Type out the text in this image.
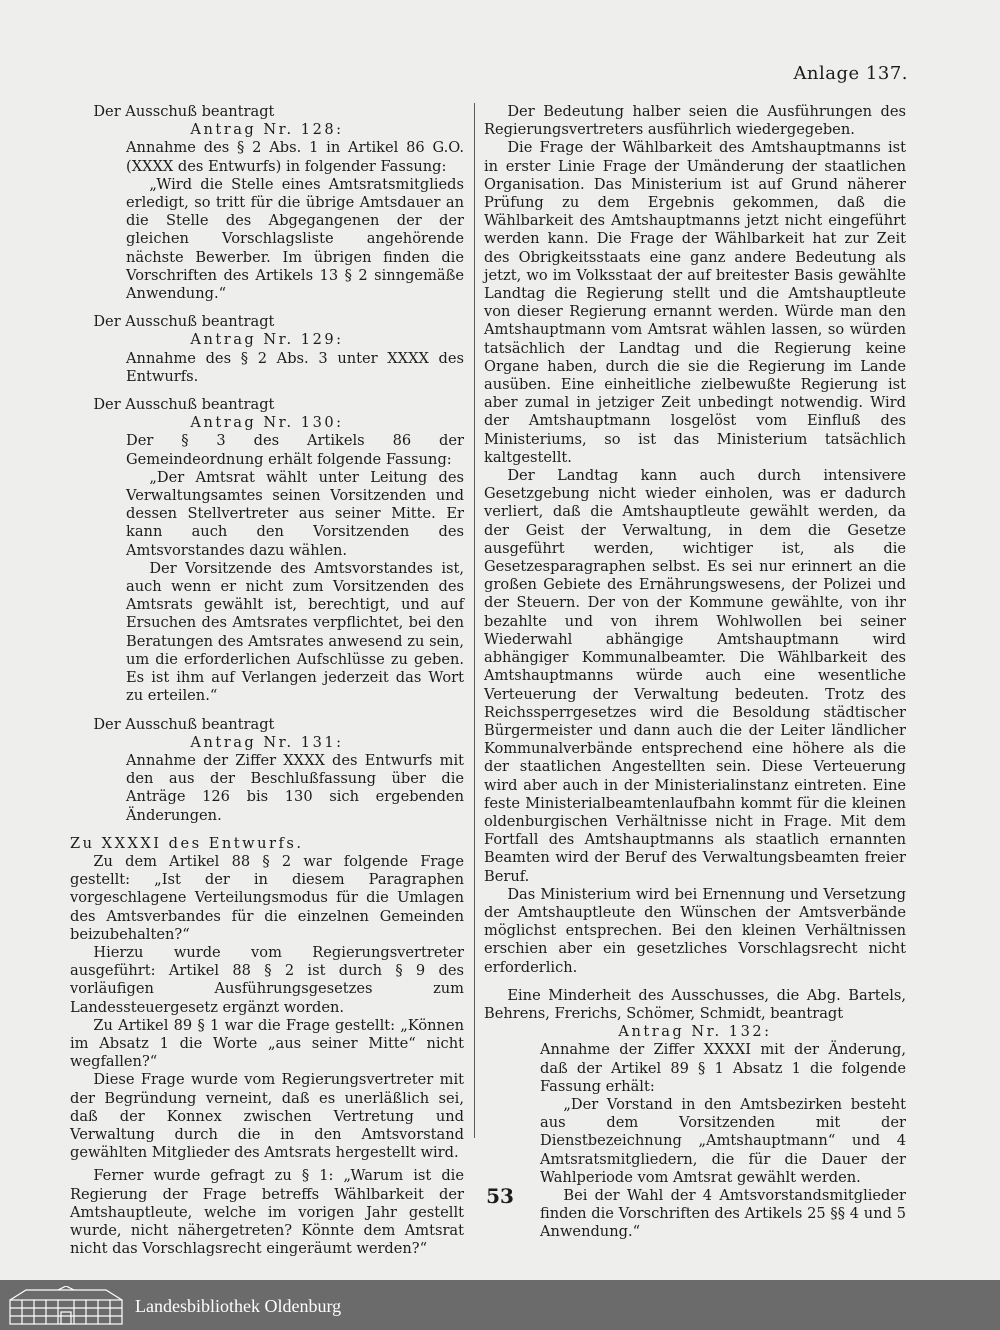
Anlage 137.

Der Ausschuß beantragt

Antrag Nr. 128:

Annahme des § 2 Abs. 1 in Artikel 86 G.O. (XXXX des Entwurfs) in folgender Fassung:

„Wird die Stelle eines Amtsratsmitglieds erledigt, so tritt für die übrige Amtsdauer an die Stelle des Abgegangenen der der gleichen Vorschlagsliste angehörende nächste Bewerber. Im übrigen finden die Vorschriften des Artikels 13 § 2 sinngemäße Anwendung.“

Der Ausschuß beantragt

Antrag Nr. 129:

Annahme des § 2 Abs. 3 unter XXXX des Entwurfs.

Der Ausschuß beantragt

Antrag Nr. 130:

Der § 3 des Artikels 86 der Gemeindeordnung erhält folgende Fassung:

„Der Amtsrat wählt unter Leitung des Verwaltungsamtes seinen Vorsitzenden und dessen Stellvertreter aus seiner Mitte. Er kann auch den Vorsitzenden des Amtsvorstandes dazu wählen.

Der Vorsitzende des Amtsvorstandes ist, auch wenn er nicht zum Vorsitzenden des Amtsrats gewählt ist, berechtigt, und auf Ersuchen des Amtsrates verpflichtet, bei den Beratungen des Amtsrates anwesend zu sein, um die erforderlichen Aufschlüsse zu geben. Es ist ihm auf Verlangen jederzeit das Wort zu erteilen.“

Der Ausschuß beantragt

Antrag Nr. 131:

Annahme der Ziffer XXXX des Entwurfs mit den aus der Beschlußfassung über die Anträge 126 bis 130 sich ergebenden Änderungen.

Zu XXXXI des Entwurfs.

Zu dem Artikel 88 § 2 war folgende Frage gestellt: „Ist der in diesem Paragraphen vorgeschlagene Verteilungsmodus für die Umlagen des Amtsverbandes für die einzelnen Gemeinden beizubehalten?“

Hierzu wurde vom Regierungsvertreter ausgeführt: Artikel 88 § 2 ist durch § 9 des vorläufigen Ausführungsgesetzes zum Landessteuergesetz ergänzt worden.

Zu Artikel 89 § 1 war die Frage gestellt: „Können im Absatz 1 die Worte „aus seiner Mitte“ nicht wegfallen?“

Diese Frage wurde vom Regierungsvertreter mit der Begründung verneint, daß es unerläßlich sei, daß der Konnex zwischen Vertretung und Verwaltung durch die in den Amtsvorstand gewählten Mitglieder des Amtsrats hergestellt wird.

Ferner wurde gefragt zu § 1: „Warum ist die Regierung der Frage betreffs Wählbarkeit der Amtshauptleute, welche im vorigen Jahr gestellt wurde, nicht nähergetreten? Könnte dem Amtsrat nicht das Vorschlagsrecht eingeräumt werden?“

Der Bedeutung halber seien die Ausführungen des Regierungsvertreters ausführlich wiedergegeben.

Die Frage der Wählbarkeit des Amtshauptmanns ist in erster Linie Frage der Umänderung der staatlichen Organisation. Das Ministerium ist auf Grund näherer Prüfung zu dem Ergebnis gekommen, daß die Wählbarkeit des Amtshauptmanns jetzt nicht eingeführt werden kann. Die Frage der Wählbarkeit hat zur Zeit des Obrigkeitsstaats eine ganz andere Bedeutung als jetzt, wo im Volksstaat der auf breitester Basis gewählte Landtag die Regierung stellt und die Amtshauptleute von dieser Regierung ernannt werden. Würde man den Amtshauptmann vom Amtsrat wählen lassen, so würden tatsächlich der Landtag und die Regierung keine Organe haben, durch die sie die Regierung im Lande ausüben. Eine einheitliche zielbewußte Regierung ist aber zumal in jetziger Zeit unbedingt notwendig. Wird der Amtshauptmann losgelöst vom Einfluß des Ministeriums, so ist das Ministerium tatsächlich kaltgestellt.

Der Landtag kann auch durch intensivere Gesetzgebung nicht wieder einholen, was er dadurch verliert, daß die Amtshauptleute gewählt werden, da der Geist der Verwaltung, in dem die Gesetze ausgeführt werden, wichtiger ist, als die Gesetzesparagraphen selbst. Es sei nur erinnert an die großen Gebiete des Ernährungswesens, der Polizei und der Steuern. Der von der Kommune gewählte, von ihr bezahlte und von ihrem Wohlwollen bei seiner Wiederwahl abhängige Amtshauptmann wird abhängiger Kommunalbeamter. Die Wählbarkeit des Amtshauptmanns würde auch eine wesentliche Verteuerung der Verwaltung bedeuten. Trotz des Reichssperrgesetzes wird die Besoldung städtischer Bürgermeister und dann auch die der Leiter ländlicher Kommunalverbände entsprechend eine höhere als die der staatlichen Angestellten sein. Diese Verteuerung wird aber auch in der Ministerialinstanz eintreten. Eine feste Ministerialbeamtenlaufbahn kommt für die kleinen oldenburgischen Verhältnisse nicht in Frage. Mit dem Fortfall des Amtshauptmanns als staatlich ernannten Beamten wird der Beruf des Verwaltungsbeamten freier Beruf.

Das Ministerium wird bei Ernennung und Versetzung der Amtshauptleute den Wünschen der Amtsverbände möglichst entsprechen. Bei den kleinen Verhältnissen erschien aber ein gesetzliches Vorschlagsrecht nicht erforderlich.

Eine Minderheit des Ausschusses, die Abg. Bartels, Behrens, Frerichs, Schömer, Schmidt, beantragt

Antrag Nr. 132:

Annahme der Ziffer XXXXI mit der Änderung, daß der Artikel 89 § 1 Absatz 1 die folgende Fassung erhält:

„Der Vorstand in den Amtsbezirken besteht aus dem Vorsitzenden mit der Dienstbezeichnung „Amtshauptmann“ und 4 Amtsratsmitgliedern, die für die Dauer der Wahlperiode vom Amtsrat gewählt werden.

Bei der Wahl der 4 Amtsvorstandsmitglieder finden die Vorschriften des Artikels 25 §§ 4 und 5 Anwendung.“

53
Landesbibliothek Oldenburg
